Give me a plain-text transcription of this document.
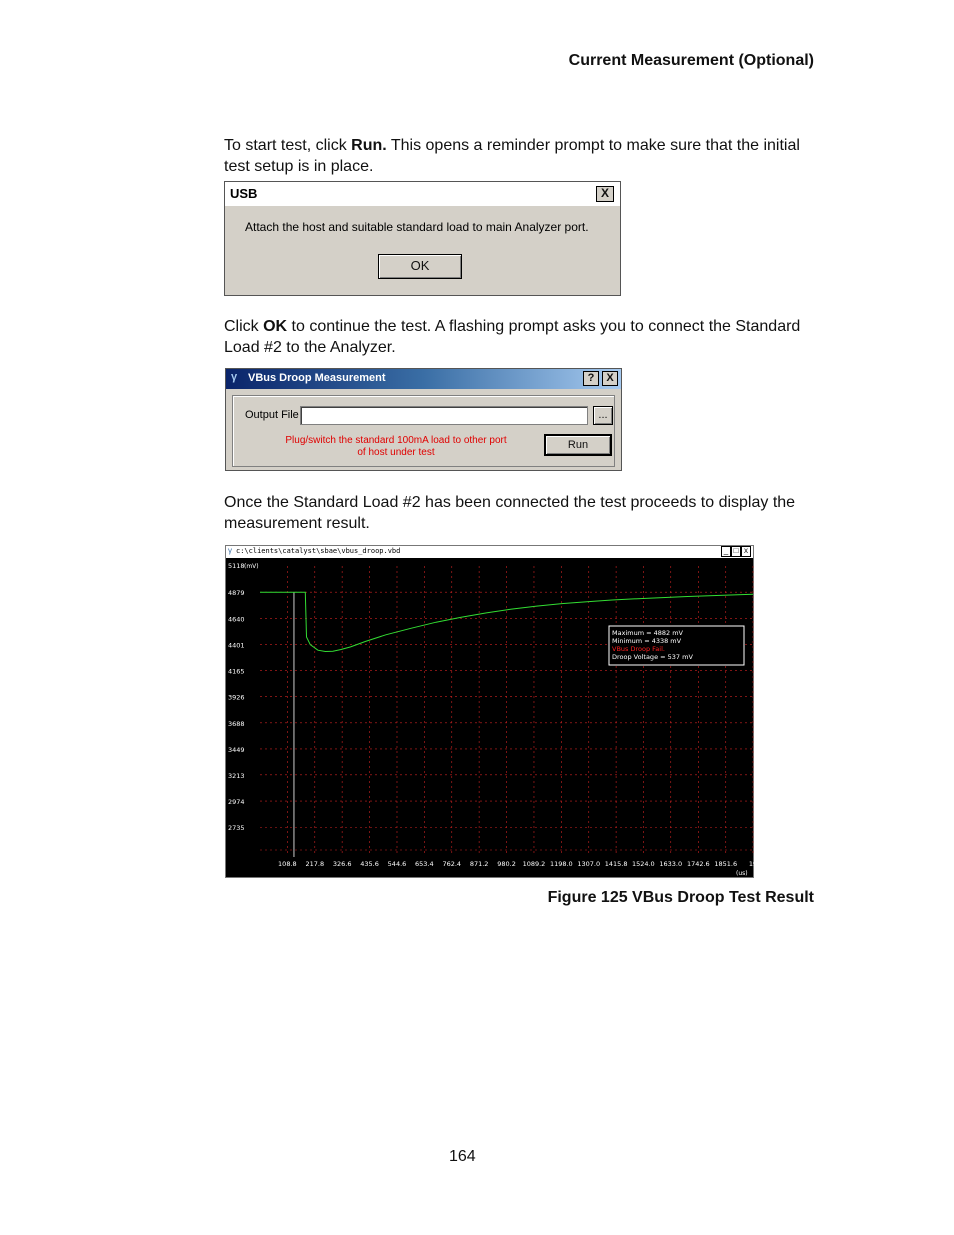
Current Measurement (Optional)
To start test, click Run. This opens a reminder prompt to make sure that the initial test setup is in place.
USB	X
Attach the host and suitable standard load to main Analyzer port.
OK
Click OK to continue the test. A flashing prompt asks you to connect the Standard Load #2 to the Analyzer.
γ VBus Droop Measurement	?	X
Output File	...
Plug/switch the standard 100mA load to other port
of host under test
Run
Once the Standard Load #2 has been connected the test proceeds to display the measurement result.
γ c:\clients\catalyst\sbae\vbus_droop.vbd	_ □ x
5118
4879
4640
4401
4165
3926
3688
3449
3213
2974
2735
108.8 217.8 326.6 435.6 544.6 653.4 762.4 871.2 980.2 1089.2 1198.0 1307.0 1415.8 1524.0 1633.0 1742.6 1851.6 19
(mV)
(us)
Maximum = 4882 mV
Minimum = 4338 mV
VBus Droop Fail.
Droop Voltage = 537 mV
Figure 125 VBus Droop Test Result
164
